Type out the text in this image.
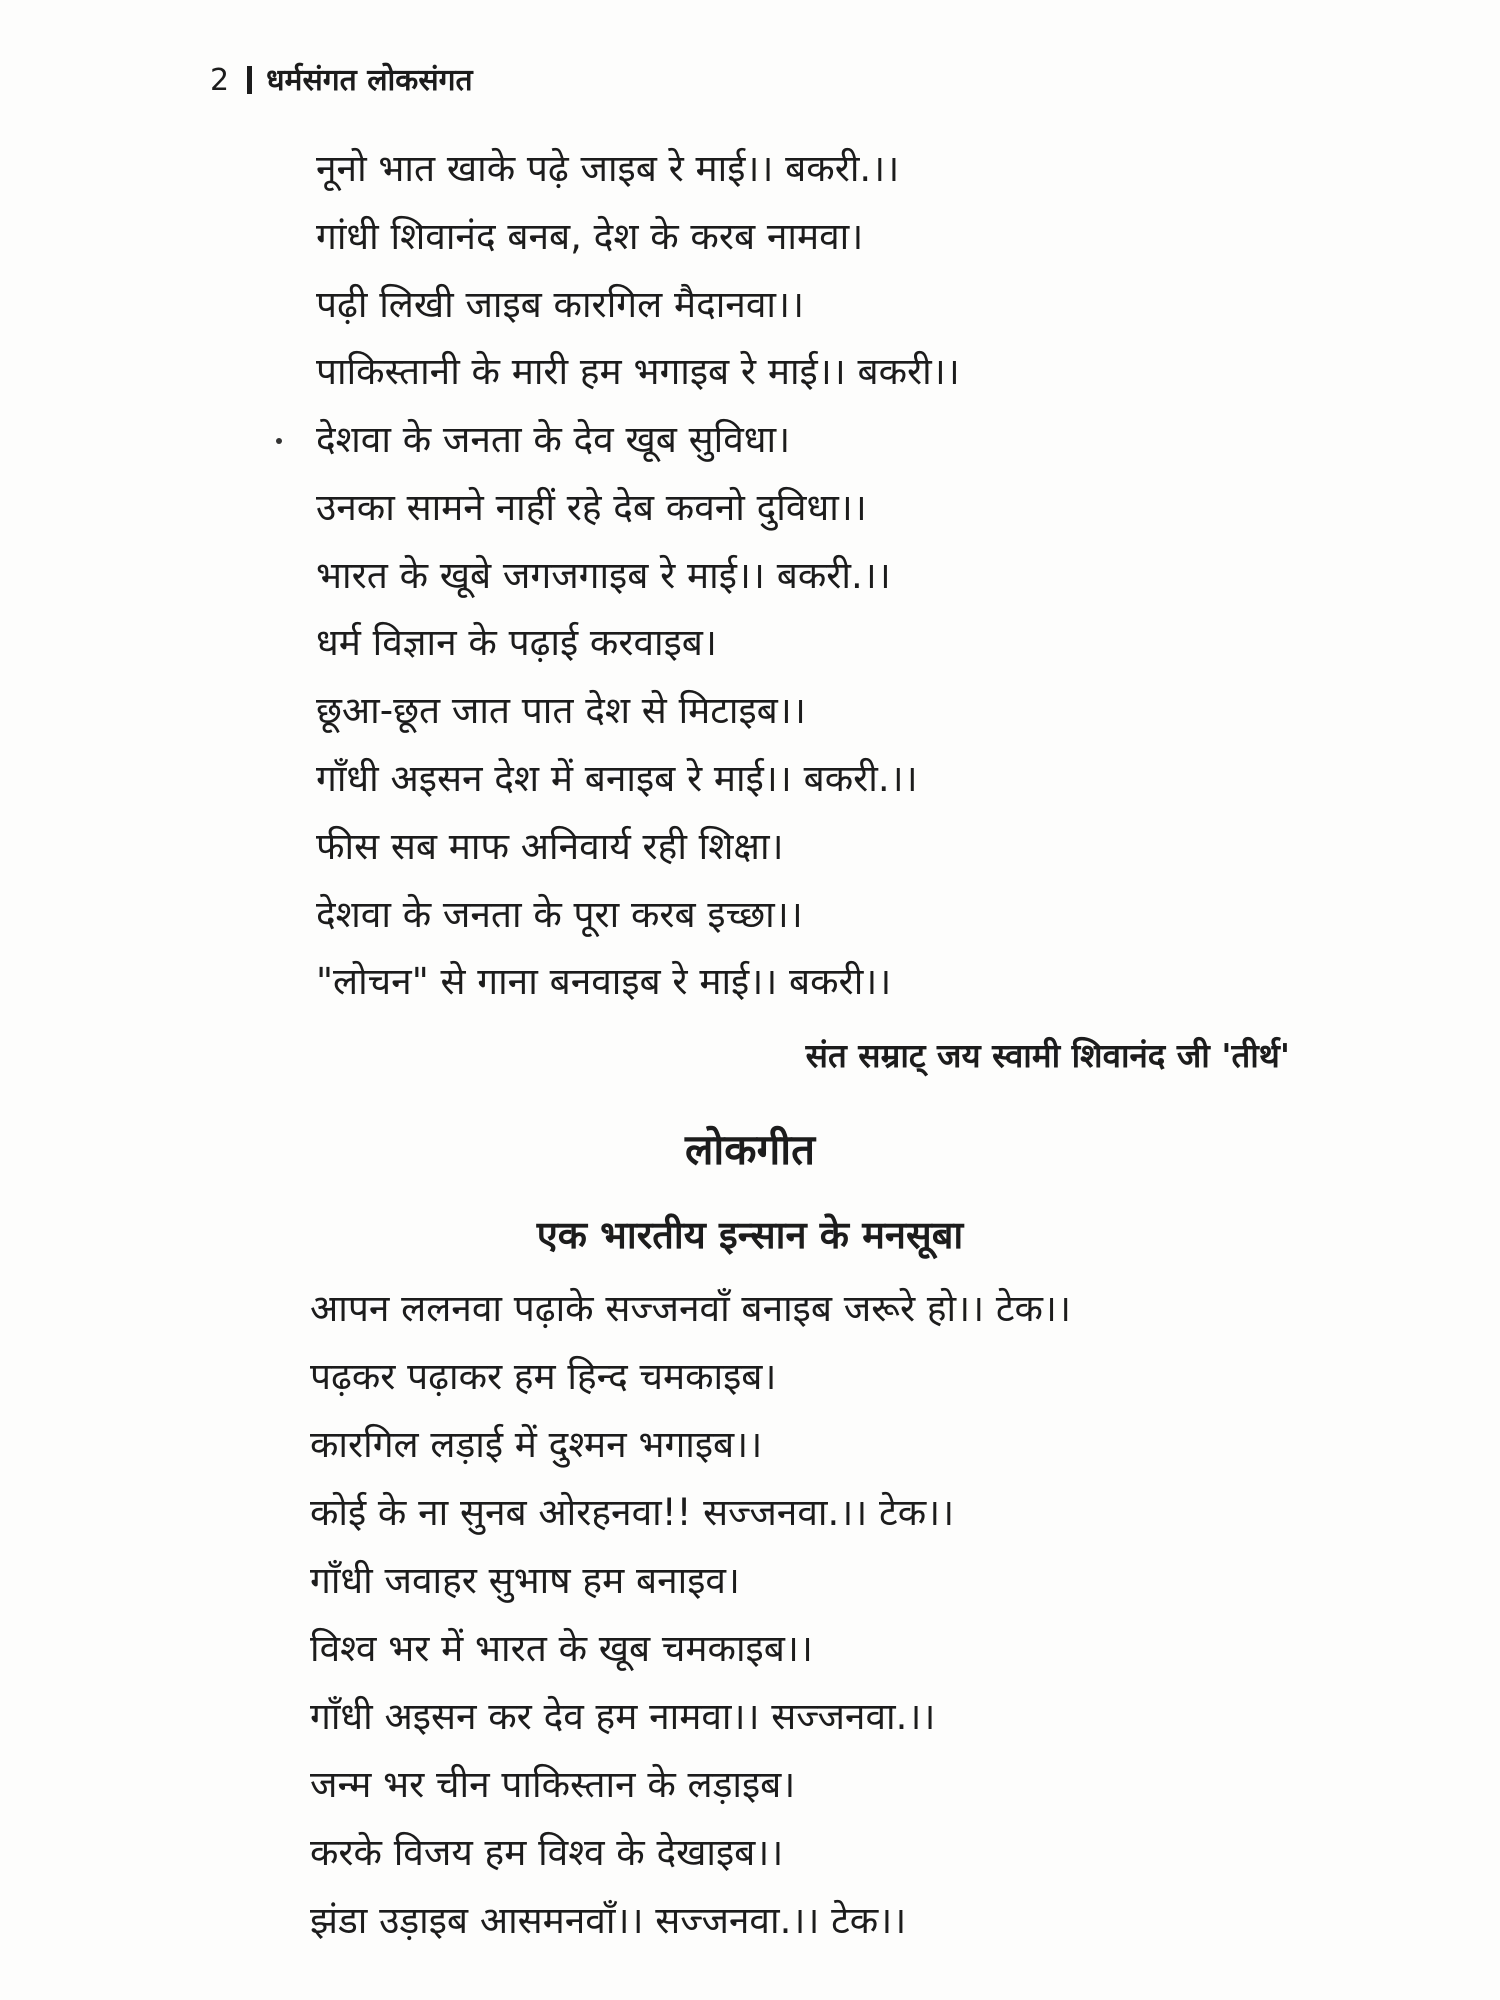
2 धर्मसंगत लोकसंगत
नूनो भात खाके पढ़े जाइब रे माई।। बकरी.।।
गांधी शिवानंद बनब, देश के करब नामवा।
पढ़ी लिखी जाइब कारगिल मैदानवा।।
पाकिस्तानी के मारी हम भगाइब रे माई।। बकरी।।
देशवा के जनता के देव खूब सुविधा।
उनका सामने नाहीं रहे देब कवनो दुविधा।।
भारत के खूबे जगजगाइब रे माई।। बकरी.।।
धर्म विज्ञान के पढ़ाई करवाइब।
छूआ-छूत जात पात देश से मिटाइब।।
गाँधी अइसन देश में बनाइब रे माई।। बकरी.।।
फीस सब माफ अनिवार्य रही शिक्षा।
देशवा के जनता के पूरा करब इच्छा।।
"लोचन" से गाना बनवाइब रे माई।। बकरी।।
संत सम्राट् जय स्वामी शिवानंद जी 'तीर्थ'
लोकगीत
एक भारतीय इन्सान के मनसूबा
आपन ललनवा पढ़ाके सज्जनवाँ बनाइब जरूरे हो।। टेक।।
पढ़कर पढ़ाकर हम हिन्द चमकाइब।
कारगिल लड़ाई में दुश्मन भगाइब।।
कोई के ना सुनब ओरहनवा!! सज्जनवा.।। टेक।।
गाँधी जवाहर सुभाष हम बनाइव।
विश्व भर में भारत के खूब चमकाइब।।
गाँधी अइसन कर देव हम नामवा।। सज्जनवा.।।
जन्म भर चीन पाकिस्तान के लड़ाइब।
करके विजय हम विश्व के देखाइब।।
झंडा उड़ाइब आसमनवाँ।। सज्जनवा.।। टेक।।
